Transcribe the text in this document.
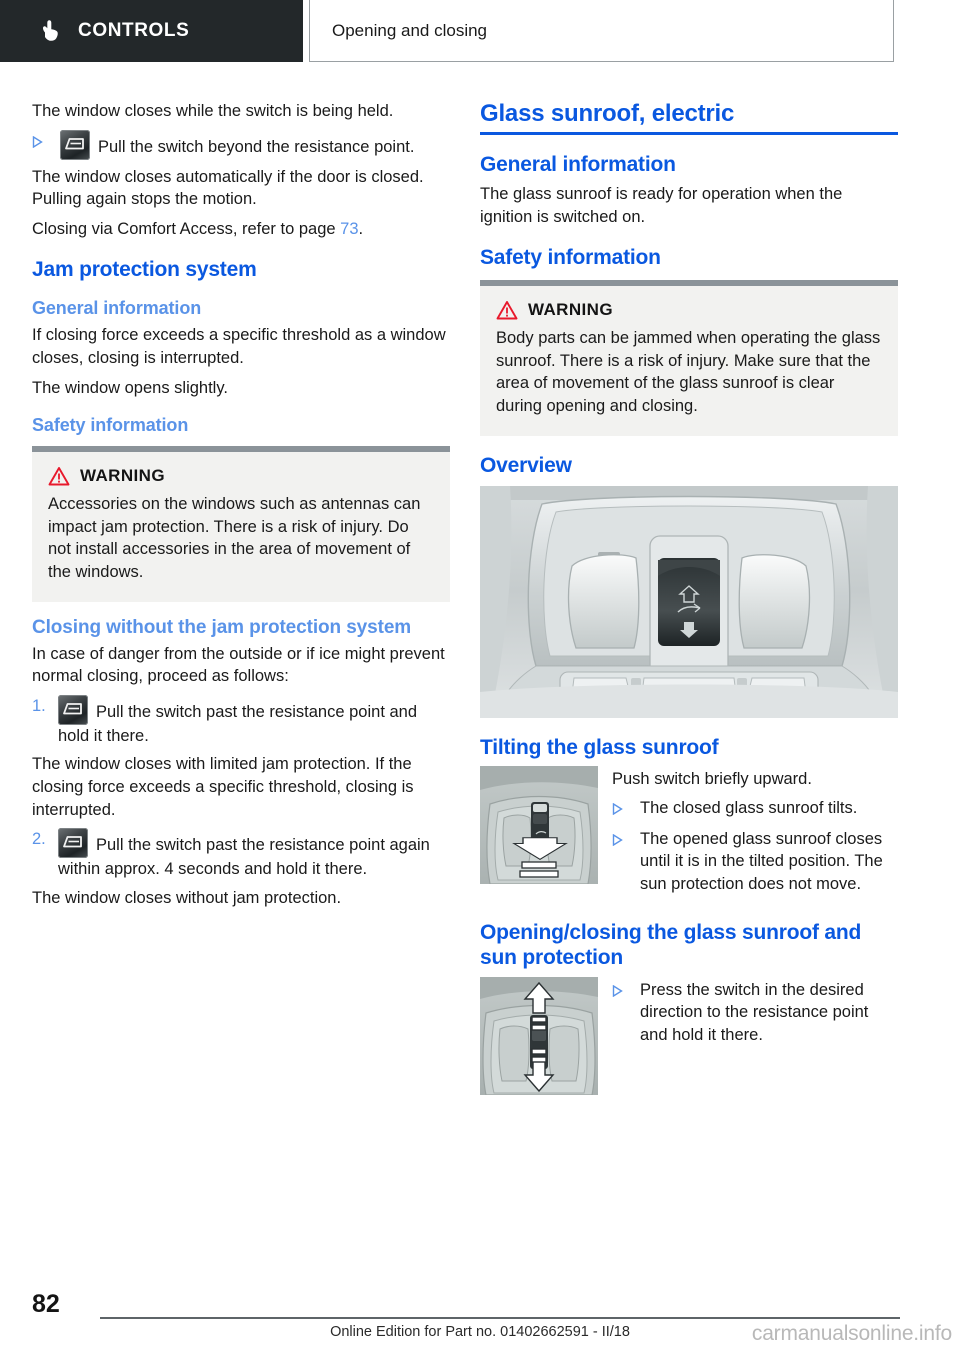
CONTROLS	Opening and closing

The window closes while the switch is being held.

Pull the switch beyond the resistance point.

The window closes automatically if the door is closed. Pulling again stops the motion.

Closing via Comfort Access, refer to page 73.

Jam protection system
General information

If closing force exceeds a specific threshold as a window closes, closing is interrupted.

The window opens slightly.

Safety information
WARNING
Accessories on the windows such as antennas can impact jam protection. There is a risk of injury. Do not install accessories in the area of movement of the windows.
Closing without the jam protection system

In case of danger from the outside or if ice might prevent normal closing, proceed as follows:

1.	Pull the switch past the resistance point and hold it there.

The window closes with limited jam protection. If the closing force exceeds a specific threshold, closing is interrupted.

2.	Pull the switch past the resistance point again within approx. 4 seconds and hold it there.

The window closes without jam protection.

Glass sunroof, electric
General information

The glass sunroof is ready for operation when the ignition is switched on.

Safety information
WARNING
Body parts can be jammed when operating the glass sunroof. There is a risk of injury. Make sure that the area of movement of the glass sunroof is clear during opening and closing.
Overview
Tilting the glass sunroof

Push switch briefly upward.

The closed glass sunroof tilts.
The opened glass sunroof closes until it is in the tilted position. The sun protection does not move.
Opening/closing the glass sunroof and sun protection
Press the switch in the desired direction to the resistance point and hold it there.
82
Online Edition for Part no. 01402662591 - II/18	carmanualsonline.info
